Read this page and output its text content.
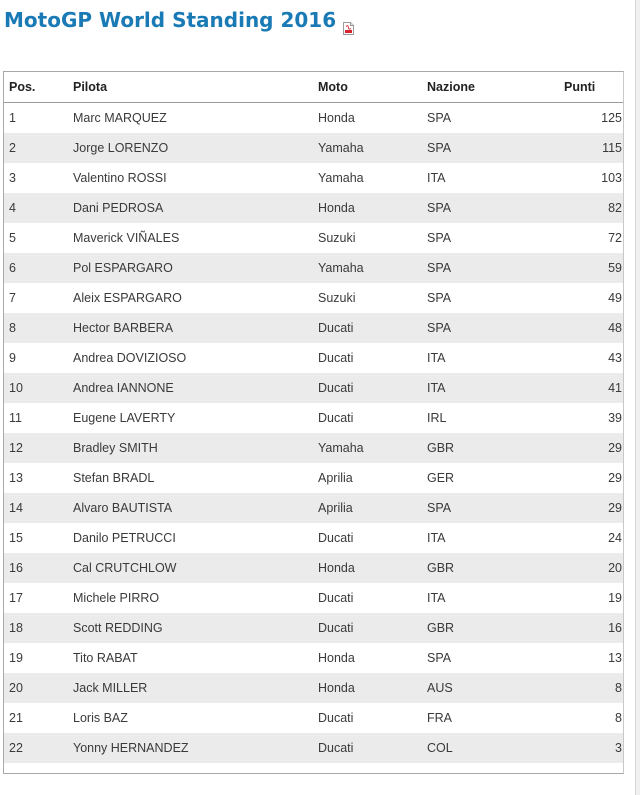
MotoGP World Standing 2016
Pos.	Pilota	Moto	Nazione	Punti
1	Marc MARQUEZ	Honda	SPA	125
2	Jorge LORENZO	Yamaha	SPA	115
3	Valentino ROSSI	Yamaha	ITA	103
4	Dani PEDROSA	Honda	SPA	82
5	Maverick VIÑALES	Suzuki	SPA	72
6	Pol ESPARGARO	Yamaha	SPA	59
7	Aleix ESPARGARO	Suzuki	SPA	49
8	Hector BARBERA	Ducati	SPA	48
9	Andrea DOVIZIOSO	Ducati	ITA	43
10	Andrea IANNONE	Ducati	ITA	41
11	Eugene LAVERTY	Ducati	IRL	39
12	Bradley SMITH	Yamaha	GBR	29
13	Stefan BRADL	Aprilia	GER	29
14	Alvaro BAUTISTA	Aprilia	SPA	29
15	Danilo PETRUCCI	Ducati	ITA	24
16	Cal CRUTCHLOW	Honda	GBR	20
17	Michele PIRRO	Ducati	ITA	19
18	Scott REDDING	Ducati	GBR	16
19	Tito RABAT	Honda	SPA	13
20	Jack MILLER	Honda	AUS	8
21	Loris BAZ	Ducati	FRA	8
22	Yonny HERNANDEZ	Ducati	COL	3
